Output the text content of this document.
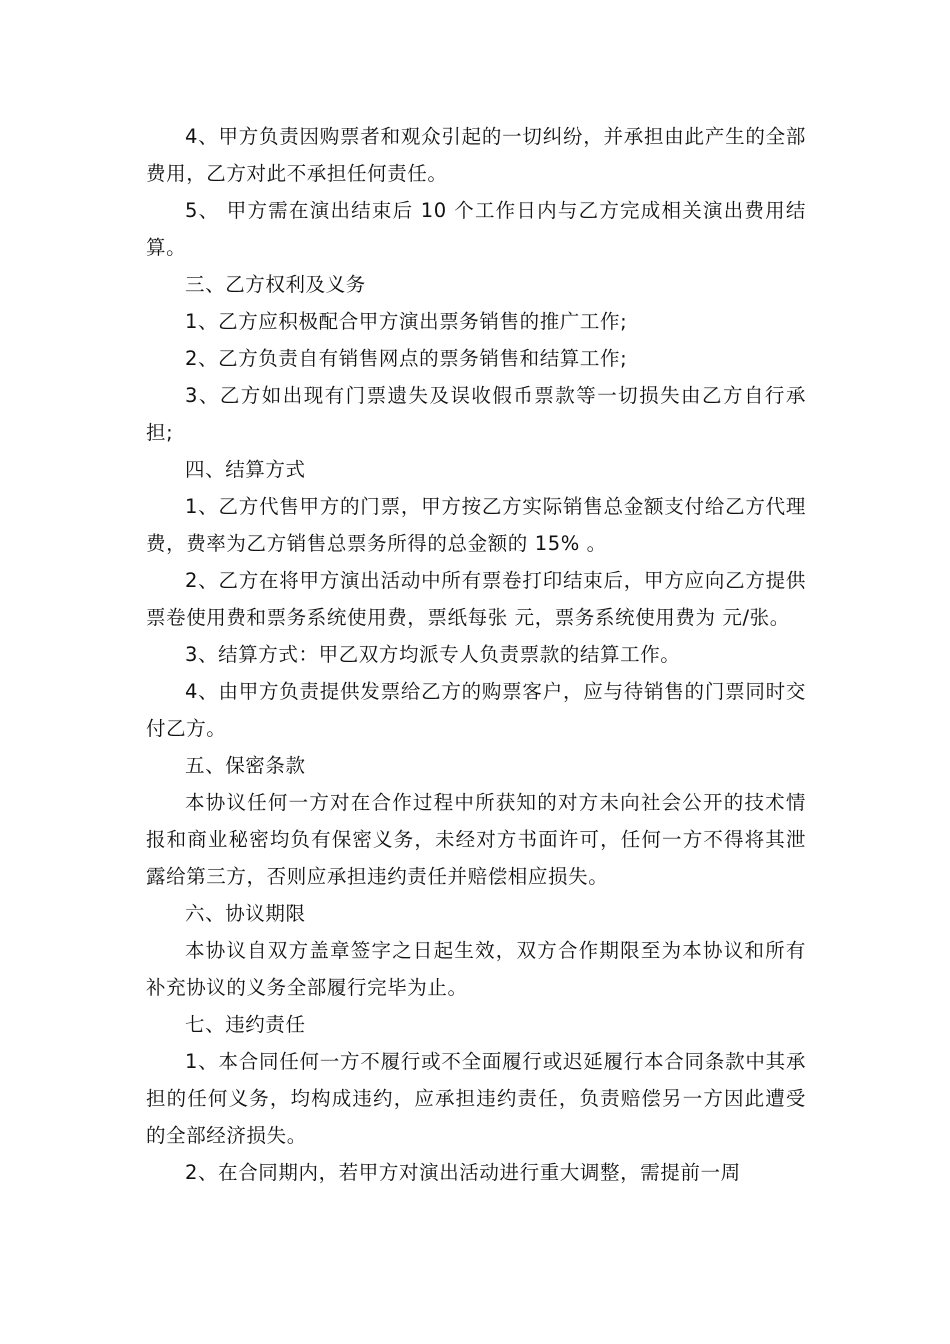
4、甲方负责因购票者和观众引起的一切纠纷，并承担由此产生的全部费用，乙方对此不承担任何责任。

5、 甲方需在演出结束后 10 个工作日内与乙方完成相关演出费用结算。

三、乙方权利及义务

1、乙方应积极配合甲方演出票务销售的推广工作;

2、乙方负责自有销售网点的票务销售和结算工作;

3、乙方如出现有门票遗失及误收假币票款等一切损失由乙方自行承担;

四、结算方式

1、乙方代售甲方的门票，甲方按乙方实际销售总金额支付给乙方代理费，费率为乙方销售总票务所得的总金额的 15% 。

2、乙方在将甲方演出活动中所有票卷打印结束后，甲方应向乙方提供票卷使用费和票务系统使用费，票纸每张 元，票务系统使用费为 元/张。

3、结算方式：甲乙双方均派专人负责票款的结算工作。

4、由甲方负责提供发票给乙方的购票客户，应与待销售的门票同时交付乙方。

五、保密条款

本协议任何一方对在合作过程中所获知的对方未向社会公开的技术情报和商业秘密均负有保密义务，未经对方书面许可，任何一方不得将其泄露给第三方，否则应承担违约责任并赔偿相应损失。

六、协议期限

本协议自双方盖章签字之日起生效，双方合作期限至为本协议和所有补充协议的义务全部履行完毕为止。

七、违约责任

1、本合同任何一方不履行或不全面履行或迟延履行本合同条款中其承担的任何义务，均构成违约，应承担违约责任，负责赔偿另一方因此遭受的全部经济损失。

2、在合同期内，若甲方对演出活动进行重大调整，需提前一周
